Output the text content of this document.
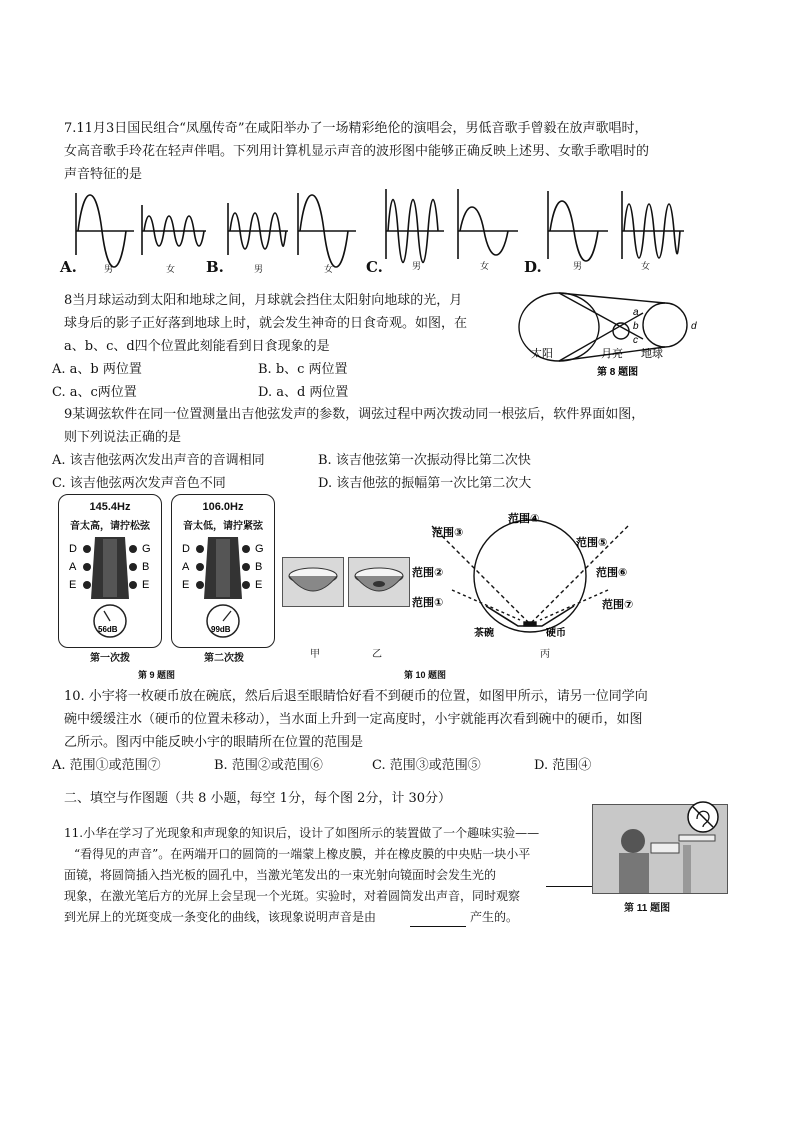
7.11月3日国民组合“凤凰传奇”在咸阳举办了一场精彩绝伦的演唱会，男低音歌手曾毅在放声歌唱时，
女高音歌手玲花在轻声伴唱。下列用计算机显示声音的波形图中能够正确反映上述男、女歌手歌唱时的
声音特征的是
A.	男	女 B.	男	女 C.	男	女 D.	男	女
8当月球运动到太阳和地球之间，月球就会挡住太阳射向地球的光，月
球身后的影子正好落到地球上时，就会发生神奇的日食奇观。如图，在
a、b、c、d四个位置此刻能看到日食现象的是
A. a、b 两位置	B. b、c 两位置
C. a、c两位置	D. a、d 两位置
a
b
c
d
太阳	月亮 地球
第 8 题图
9某调弦软件在同一位置测量出吉他弦发声的参数，调弦过程中两次拨动同一根弦后，软件界面如图，
则下列说法正确的是
A. 该吉他弦两次发出声音的音调相同	B. 该吉他弦第一次振动得比第二次快
C. 该吉他弦两次发声音色不同	D. 该吉他弦的振幅第一次比第二次大
145.4Hz
音太高，请拧松弦
D
A
E
G
B
E
56dB
第一次拨
106.0Hz
音太低，请拧紧弦
D
A
E
G
B
E
99dB
第二次拨
第 9 题图
甲	乙	丙
第 10 题图
范围③
范围②
范围①
范围④
范围⑤
范围⑥
范围⑦
茶碗	硬币
10. 小宇将一枚硬币放在碗底，然后后退至眼睛恰好看不到硬币的位置，如图甲所示，请另一位同学向
碗中缓缓注水（硬币的位置未移动），当水面上升到一定高度时，小宇就能再次看到碗中的硬币，如图
乙所示。图丙中能反映小宇的眼睛所在位置的范围是
A. 范围①或范围⑦	B. 范围②或范围⑥	C. 范围③或范围⑤	D. 范围④
二、填空与作图题（共 8 小题，每空 1分，每个图 2分，计 30分）
11.小华在学习了光现象和声现象的知识后，设计了如图所示的装置做了一个趣味实验——
“看得见的声音”。在两端开口的圆筒的一端蒙上橡皮膜，并在橡皮膜的中央贴一块小平
面镜，将圆筒插入挡光板的圆孔中，当激光笔发出的一束光射向镜面时会发生光的
现象，在激光笔后方的光屏上会呈现一个光斑。实验时，对着圆筒发出声音，同时观察
到光屏上的光斑变成一条变化的曲线，该现象说明声音是由	产生的。
第 11 题图
